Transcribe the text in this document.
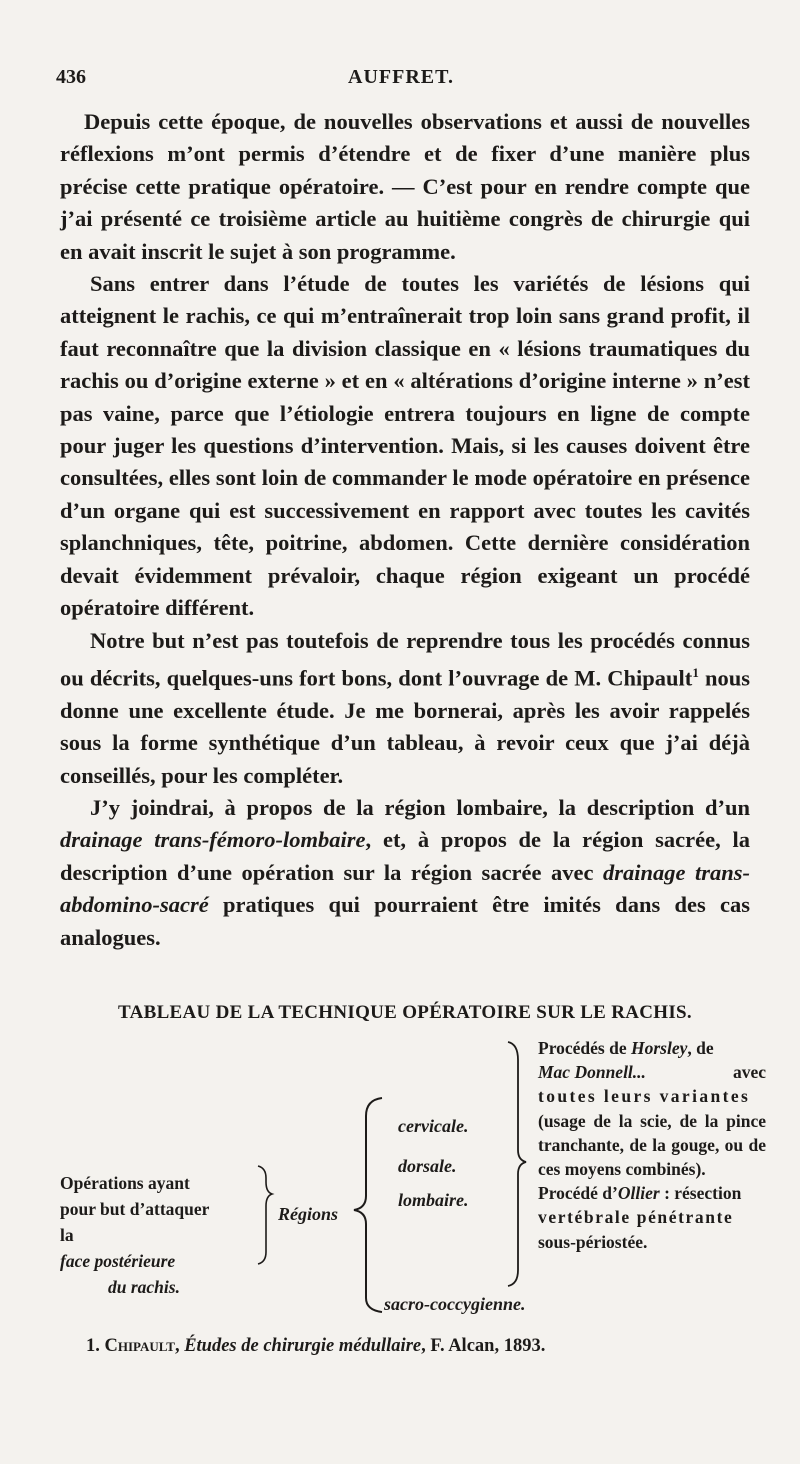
436	AUFFRET.

Depuis cette époque, de nouvelles observations et aussi de nouvelles réflexions m’ont permis d’étendre et de fixer d’une manière plus précise cette pratique opératoire. — C’est pour en rendre compte que j’ai présenté ce troisième article au huitième congrès de chirurgie qui en avait inscrit le sujet à son programme.

Sans entrer dans l’étude de toutes les variétés de lésions qui atteignent le rachis, ce qui m’entraînerait trop loin sans grand profit, il faut reconnaître que la division classique en « lésions traumatiques du rachis ou d’origine externe » et en « altérations d’origine interne » n’est pas vaine, parce que l’étiologie entrera toujours en ligne de compte pour juger les questions d’intervention. Mais, si les causes doivent être consultées, elles sont loin de commander le mode opératoire en présence d’un organe qui est successivement en rapport avec toutes les cavités splanchniques, tête, poitrine, abdomen. Cette dernière considération devait évidemment prévaloir, chaque région exigeant un procédé opératoire différent.

Notre but n’est pas toutefois de reprendre tous les procédés connus ou décrits, quelques-uns fort bons, dont l’ouvrage de M. Chipault$^1$ nous donne une excellente étude. Je me bornerai, après les avoir rappelés sous la forme synthétique d’un tableau, à revoir ceux que j’ai déjà conseillés, pour les compléter.

J’y joindrai, à propos de la région lombaire, la description d’un drainage trans-fémoro-lombaire, et, à propos de la région sacrée, la description d’une opération sur la région sacrée avec drainage trans-abdomino-sacré pratiques qui pourraient être imités dans des cas analogues.

TABLEAU DE LA TECHNIQUE OPÉRATOIRE SUR LE RACHIS.
Opérations ayant
pour but d’attaquer
la
face postérieure
du rachis.
Régions
cervicale.
dorsale.
lombaire.
sacro-coccygienne.

Procédés de Horsley, de

Mac Donnell...	avec

toutes leurs variantes

(usage de la scie, de la pince tranchante, de la gouge, ou de ces moyens combinés).

Procédé d’Ollier : résection

vertébrale pénétrante

sous-périostée.

1. Chipault, Études de chirurgie médullaire, F. Alcan, 1893.
